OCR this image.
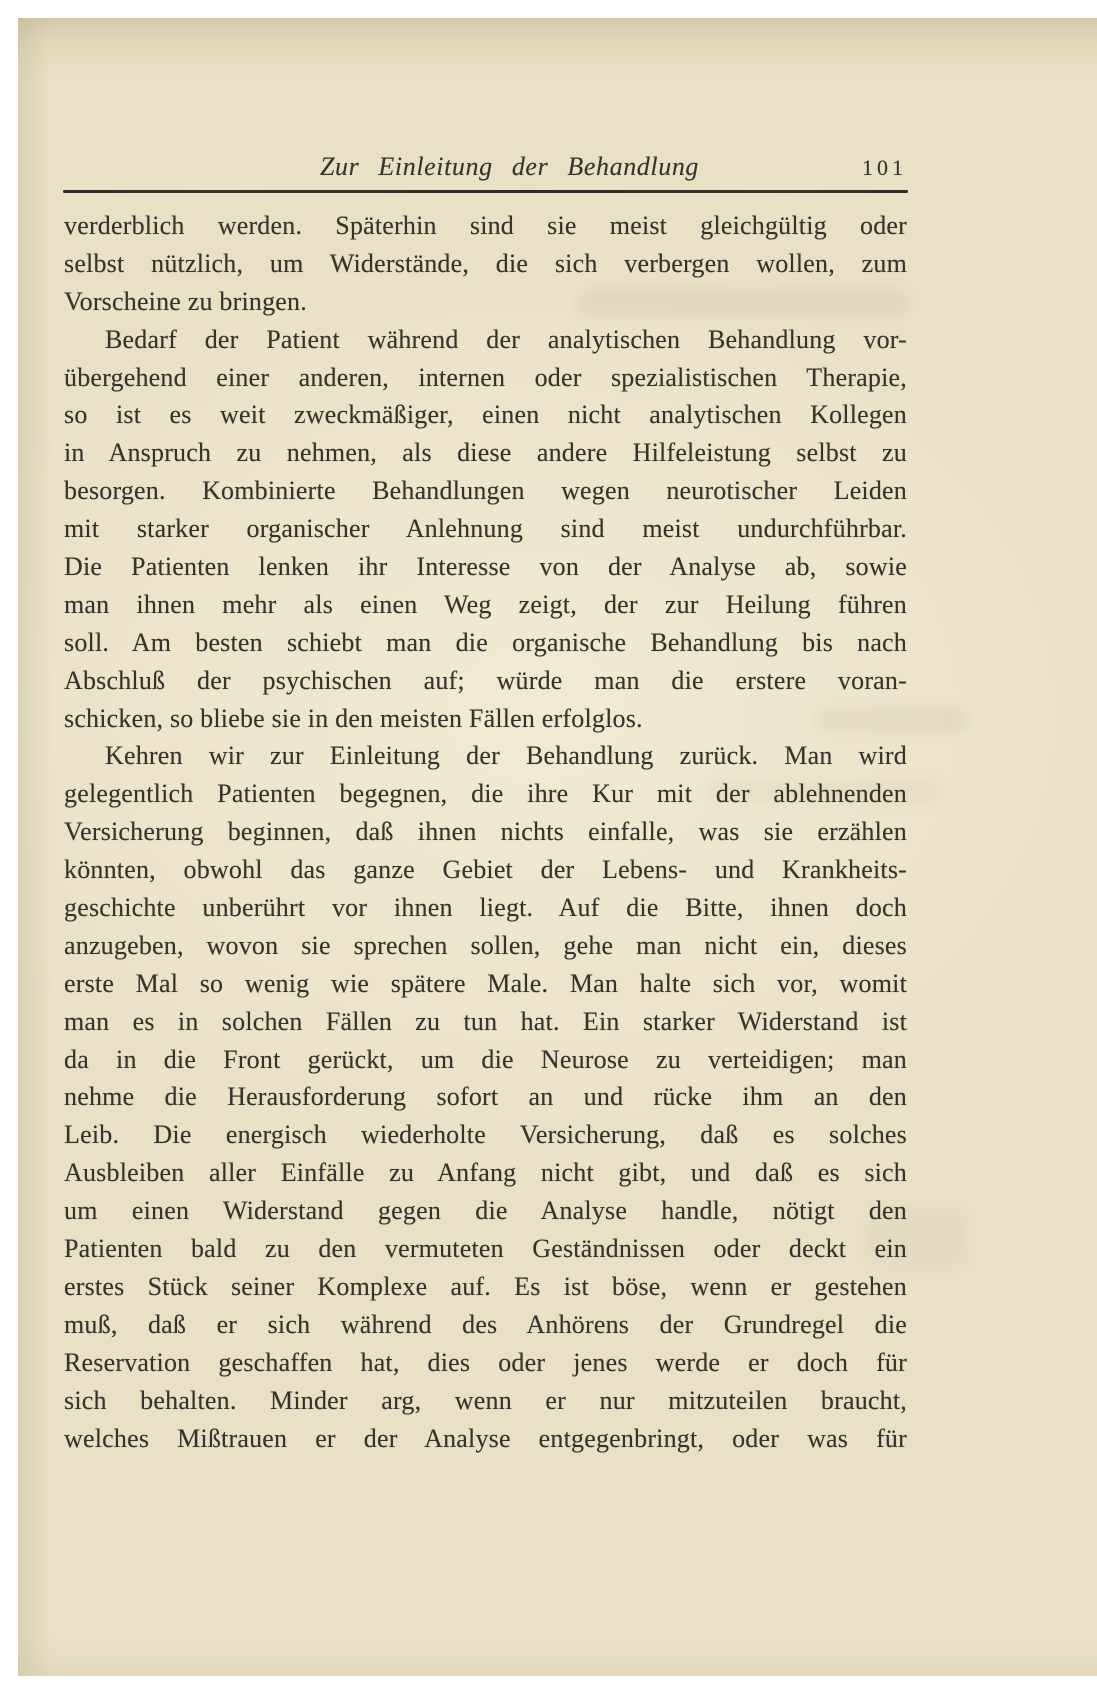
Zur Einleitung der Behandlung	101
verderblich werden. Späterhin sind sie meist gleichgültig oder
selbst nützlich, um Widerstände, die sich verbergen wollen, zum
Vorscheine zu bringen.
Bedarf der Patient während der analytischen Behandlung vor-
übergehend einer anderen, internen oder spezialistischen Therapie,
so ist es weit zweckmäßiger, einen nicht analytischen Kollegen
in Anspruch zu nehmen, als diese andere Hilfeleistung selbst zu
besorgen. Kombinierte Behandlungen wegen neurotischer Leiden
mit starker organischer Anlehnung sind meist undurchführbar.
Die Patienten lenken ihr Interesse von der Analyse ab, sowie
man ihnen mehr als einen Weg zeigt, der zur Heilung führen
soll. Am besten schiebt man die organische Behandlung bis nach
Abschluß der psychischen auf; würde man die erstere voran-
schicken, so bliebe sie in den meisten Fällen erfolglos.
Kehren wir zur Einleitung der Behandlung zurück. Man wird
gelegentlich Patienten begegnen, die ihre Kur mit der ablehnenden
Versicherung beginnen, daß ihnen nichts einfalle, was sie erzählen
könnten, obwohl das ganze Gebiet der Lebens- und Krankheits-
geschichte unberührt vor ihnen liegt. Auf die Bitte, ihnen doch
anzugeben, wovon sie sprechen sollen, gehe man nicht ein, dieses
erste Mal so wenig wie spätere Male. Man halte sich vor, womit
man es in solchen Fällen zu tun hat. Ein starker Widerstand ist
da in die Front gerückt, um die Neurose zu verteidigen; man
nehme die Herausforderung sofort an und rücke ihm an den
Leib. Die energisch wiederholte Versicherung, daß es solches
Ausbleiben aller Einfälle zu Anfang nicht gibt, und daß es sich
um einen Widerstand gegen die Analyse handle, nötigt den
Patienten bald zu den vermuteten Geständnissen oder deckt ein
erstes Stück seiner Komplexe auf. Es ist böse, wenn er gestehen
muß, daß er sich während des Anhörens der Grundregel die
Reservation geschaffen hat, dies oder jenes werde er doch für
sich behalten. Minder arg, wenn er nur mitzuteilen braucht,
welches Mißtrauen er der Analyse entgegenbringt, oder was für
